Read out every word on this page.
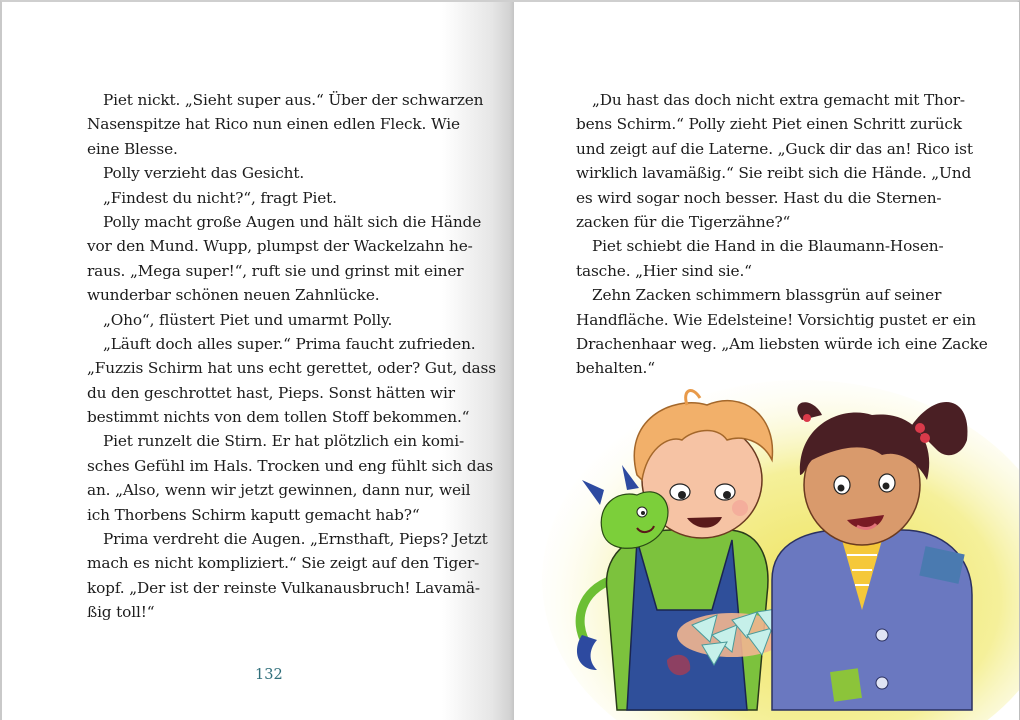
Piet nickt. „Sieht super aus.“ Über der schwarzen
Nasenspitze hat Rico nun einen edlen Fleck. Wie
eine Blesse.
Polly verzieht das Gesicht.
„Findest du nicht?“, fragt Piet.
Polly macht große Augen und hält sich die Hände
vor den Mund. Wupp, plumpst der Wackelzahn he-
raus. „Mega super!“, ruft sie und grinst mit einer
wunderbar schönen neuen Zahnlücke.
„Oho“, flüstert Piet und umarmt Polly.
„Läuft doch alles super.“ Prima faucht zufrieden.
„Fuzzis Schirm hat uns echt gerettet, oder? Gut, dass
du den geschrottet hast, Pieps. Sonst hätten wir
bestimmt nichts von dem tollen Stoff bekommen.“
Piet runzelt die Stirn. Er hat plötzlich ein komi-
sches Gefühl im Hals. Trocken und eng fühlt sich das
an. „Also, wenn wir jetzt gewinnen, dann nur, weil
ich Thorbens Schirm kaputt gemacht hab?“
Prima verdreht die Augen. „Ernsthaft, Pieps? Jetzt
mach es nicht kompliziert.“ Sie zeigt auf den Tiger-
kopf. „Der ist der reinste Vulkanausbruch! Lavamä-
ßig toll!“
132
„Du hast das doch nicht extra gemacht mit Thor-
bens Schirm.“ Polly zieht Piet einen Schritt zurück
und zeigt auf die Laterne. „Guck dir das an! Rico ist
wirklich lavamäßig.“ Sie reibt sich die Hände. „Und
es wird sogar noch besser. Hast du die Sternen-
zacken für die Tigerzähne?“
Piet schiebt die Hand in die Blaumann-Hosen-
tasche. „Hier sind sie.“
Zehn Zacken schimmern blassgrün auf seiner
Handfläche. Wie Edelsteine! Vorsichtig pustet er ein
Drachenhaar weg. „Am liebsten würde ich eine Zacke
behalten.“
